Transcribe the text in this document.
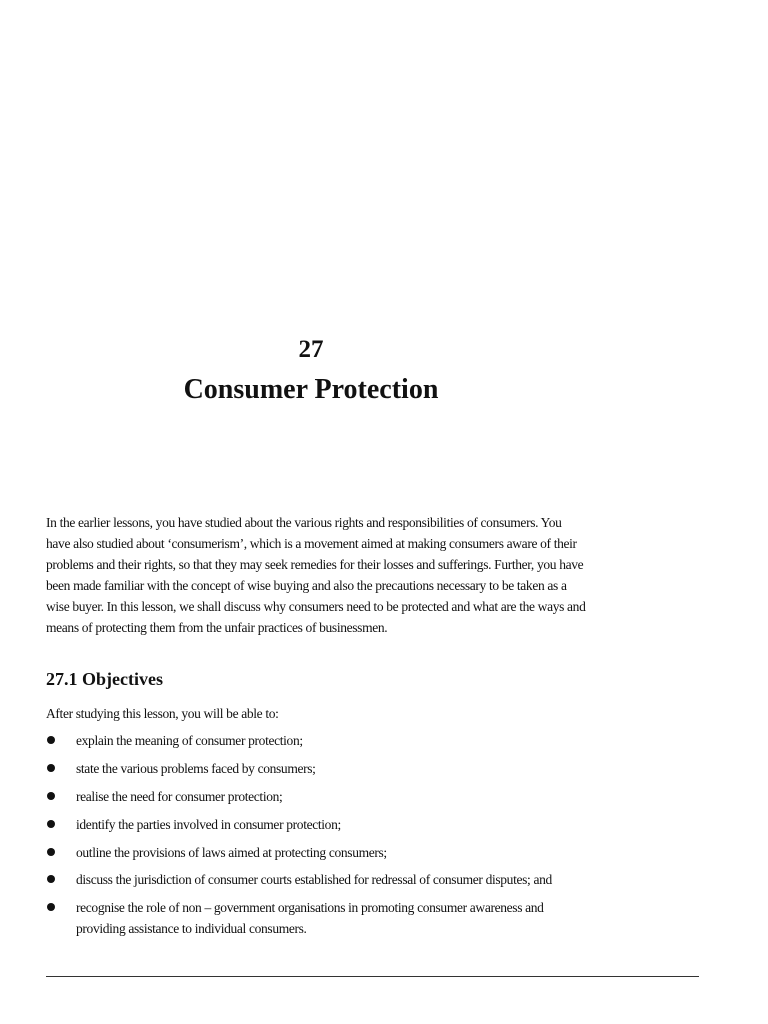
27
Consumer Protection

In the earlier lessons, you have studied about the various rights and responsibilities of consumers. You have also studied about ‘consumerism’, which is a movement aimed at making consumers aware of their problems and their rights, so that they may seek remedies for their losses and sufferings. Further, you have been made familiar with the concept of wise buying and also the precautions necessary to be taken as a wise buyer. In this lesson, we shall discuss why consumers need to be protected and what are the ways and means of protecting them from the unfair practices of businessmen.

27.1 Objectives

After studying this lesson, you will be able to:

explain the meaning of consumer protection;
state the various problems faced by consumers;
realise the need for consumer protection;
identify the parties involved in consumer protection;
outline the provisions of laws aimed at protecting consumers;
discuss the jurisdiction of consumer courts established for redressal of consumer disputes; and
recognise the role of non – government organisations in promoting consumer awareness and providing assistance to individual consumers.
